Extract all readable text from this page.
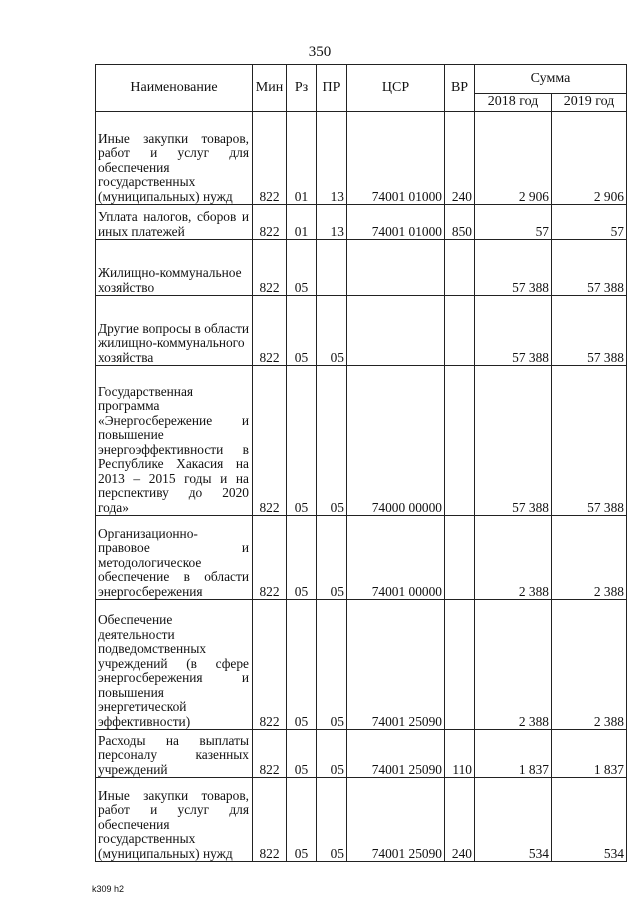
350
Наименование	Мин	Рз	ПР	ЦСР	ВР	Сумма	
						2018 год	2019 год
Иные закупки товаров, работ и услуг для обеспечения государственных (муниципальных) нужд	822	01	13	74001 01000	240	2 906	2 906
Уплата налогов, сборов и иных платежей	822	01	13	74001 01000	850	57	57
Жилищно-коммунальное хозяйство	822	05				57 388	57 388
Другие вопросы в области жилищно-коммунального хозяйства	822	05	05			57 388	57 388
Государственная программа «Энергосбережение и повышение энергоэффективности в Республике Хакасия на 2013 – 2015 годы и на перспективу до 2020 года»	822	05	05	74000 00000		57 388	57 388
Организационно-правовое и методологическое обеспечение в области энергосбережения	822	05	05	74001 00000		2 388	2 388
Обеспечение деятельности подведомственных учреждений (в сфере энергосбережения и повышения энергетической эффективности)	822	05	05	74001 25090		2 388	2 388
Расходы на выплаты персоналу казенных учреждений	822	05	05	74001 25090	110	1 837	1 837
Иные закупки товаров, работ и услуг для обеспечения государственных (муниципальных) нужд	822	05	05	74001 25090	240	534	534
k309 h2
